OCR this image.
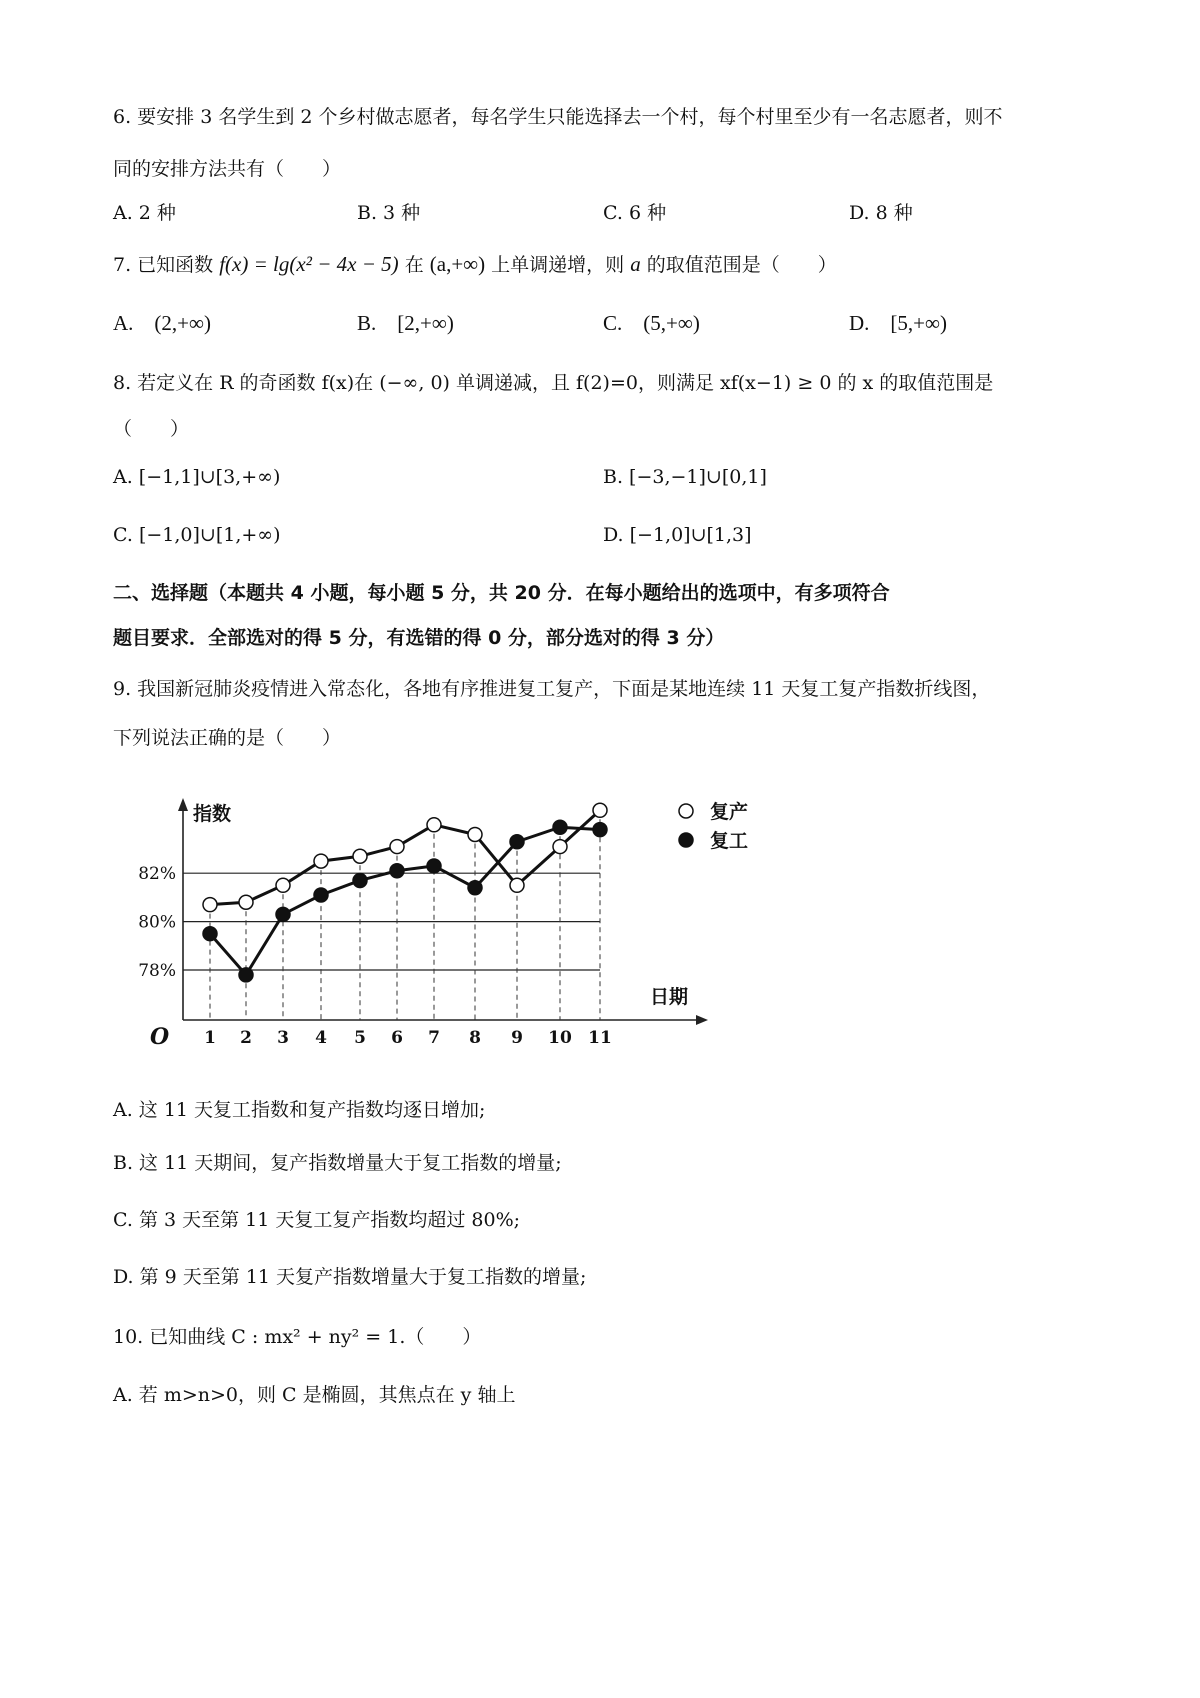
6. 要安排 3 名学生到 2 个乡村做志愿者，每名学生只能选择去一个村，每个村里至少有一名志愿者，则不
同的安排方法共有（　　）
A. 2 种	B. 3 种	C. 6 种	D. 8 种
7. 已知函数 f(x) = lg(x² − 4x − 5) 在 (a,+∞) 上单调递增，则 a 的取值范围是（　　）
A.　(2,+∞)	B.　[2,+∞)	C.　(5,+∞)	D.　[5,+∞)
8. 若定义在 R 的奇函数 f(x)在 (−∞, 0) 单调递减，且 f(2)=0，则满足 xf(x−1) ≥ 0 的 x 的取值范围是
（　　）
A. [−1,1]∪[3,+∞)	B. [−3,−1]∪[0,1]
C. [−1,0]∪[1,+∞)	D. [−1,0]∪[1,3]
二、选择题（本题共 4 小题，每小题 5 分，共 20 分．在每小题给出的选项中，有多项符合
题目要求．全部选对的得 5 分，有选错的得 0 分，部分选对的得 3 分）
9. 我国新冠肺炎疫情进入常态化，各地有序推进复工复产，下面是某地连续 11 天复工复产指数折线图，
下列说法正确的是（　　）
78%
80%
82%
指数
日期
O 1 2 3 4 5 6 7 8 9 10 11
复产
复工
A. 这 11 天复工指数和复产指数均逐日增加;
B. 这 11 天期间，复产指数增量大于复工指数的增量;
C. 第 3 天至第 11 天复工复产指数均超过 80%;
D. 第 9 天至第 11 天复产指数增量大于复工指数的增量;
10. 已知曲线 C : mx² + ny² = 1.（　　）
A. 若 m>n>0，则 C 是椭圆，其焦点在 y 轴上
